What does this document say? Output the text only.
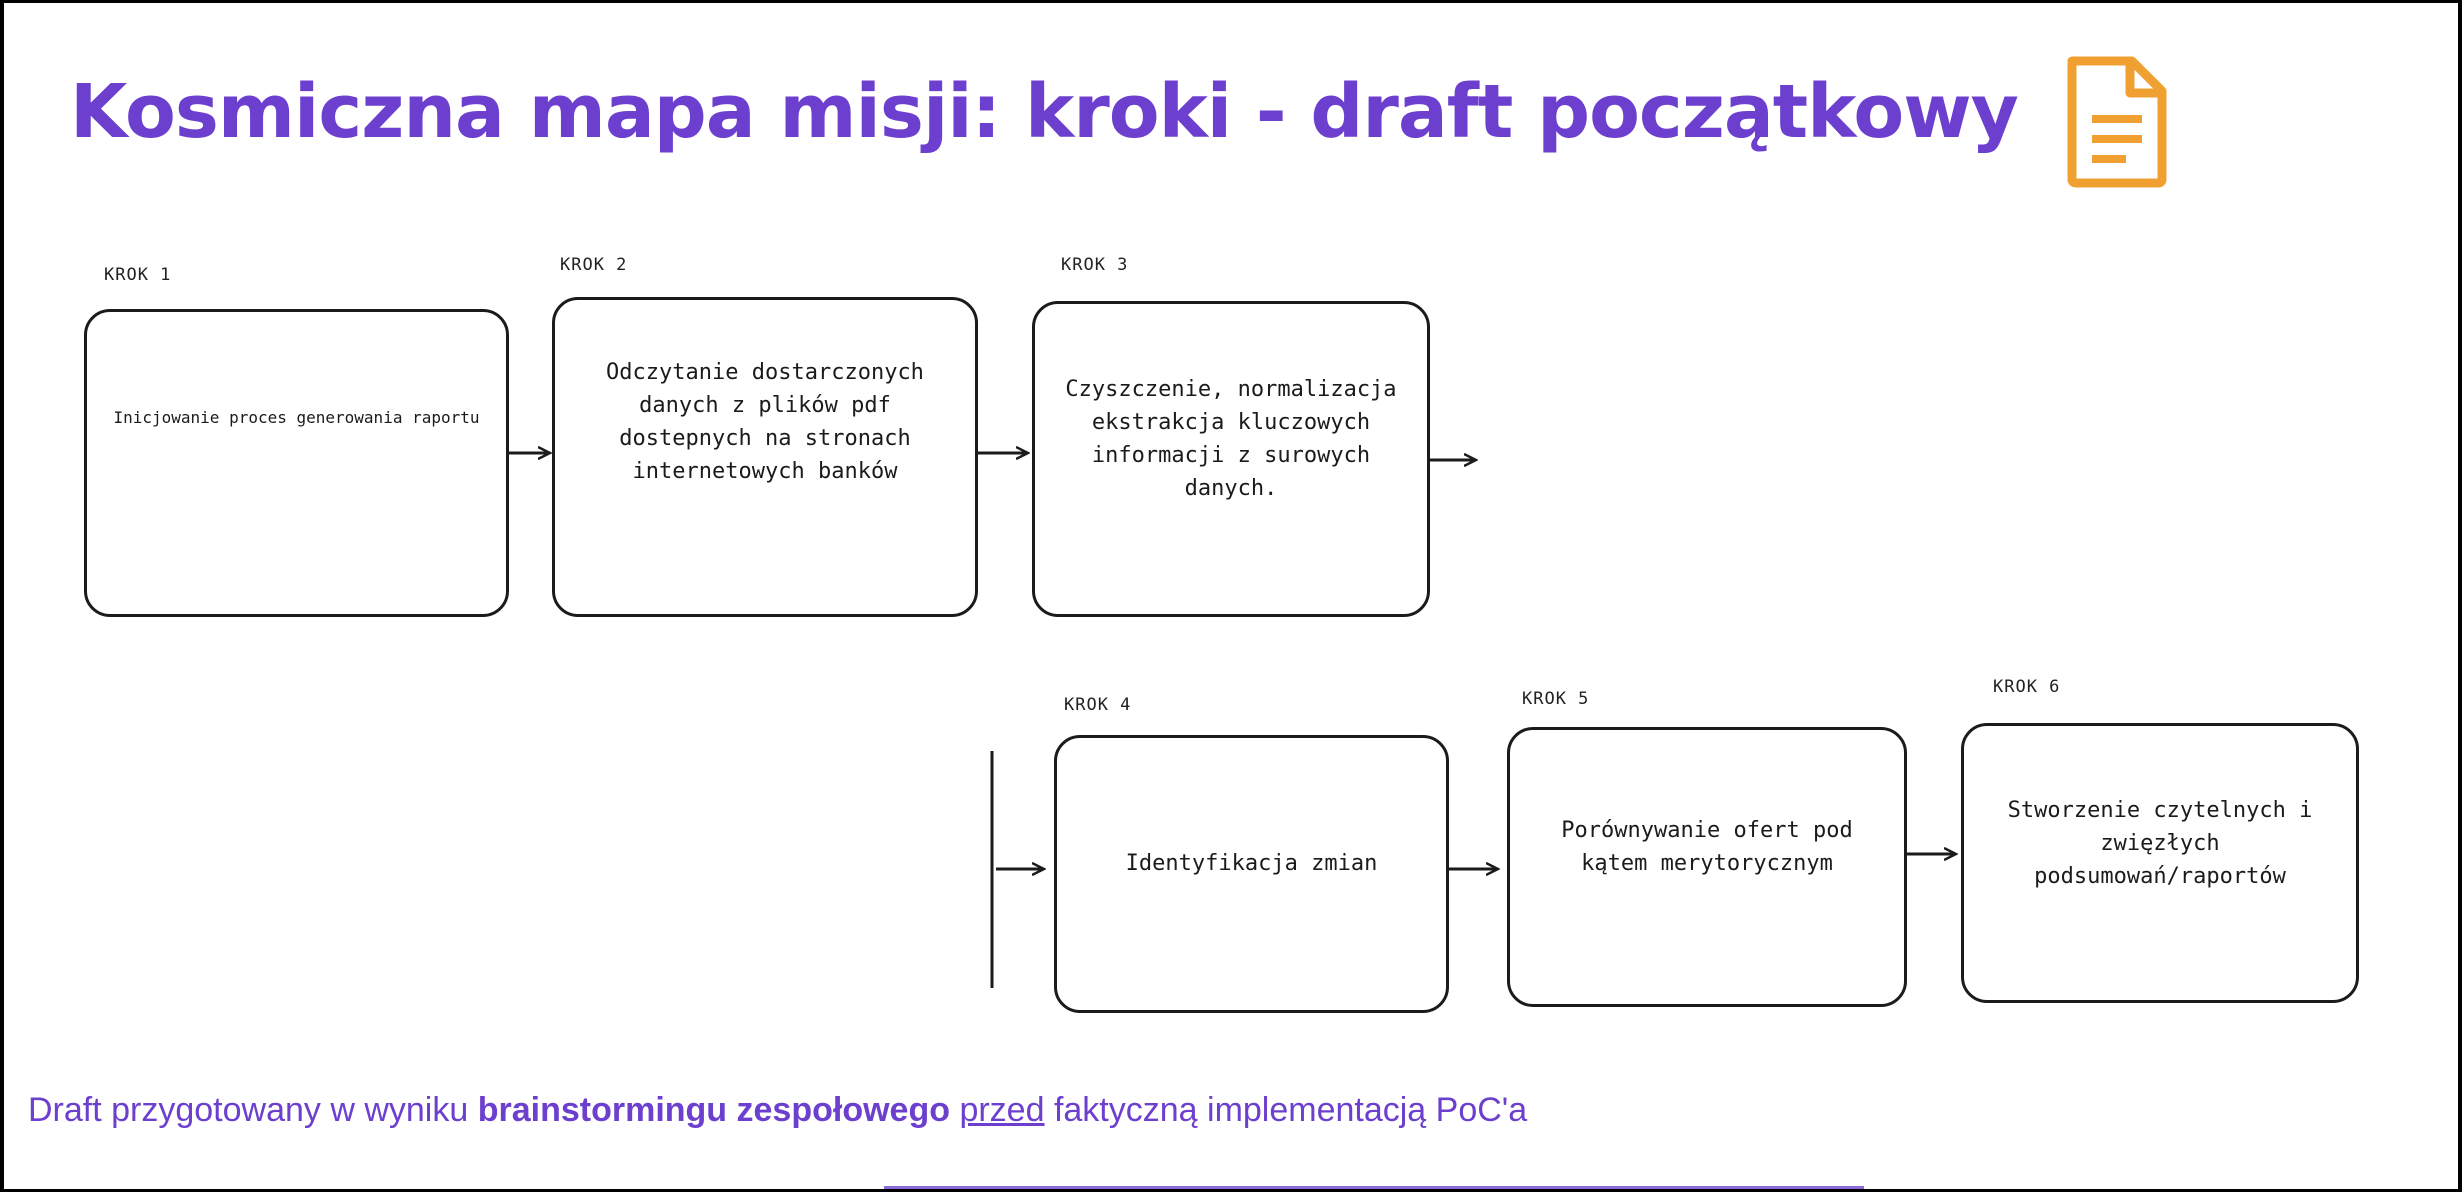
Kosmiczna mapa misji: kroki - draft początkowy
KROK 1
Inicjowanie proces generowania raportu
KROK 2
Odczytanie dostarczonych danych z plików pdf dostepnych na stronach internetowych banków
KROK 3
Czyszczenie, normalizacja ekstrakcja kluczowych informacji z surowych danych.
KROK 4
Identyfikacja zmian
KROK 5
Porównywanie ofert pod kątem merytorycznym
KROK 6
Stworzenie czytelnych i zwięzłych podsumowań/raportów
Draft przygotowany w wyniku brainstormingu zespołowego przed faktyczną implementacją PoC'a
